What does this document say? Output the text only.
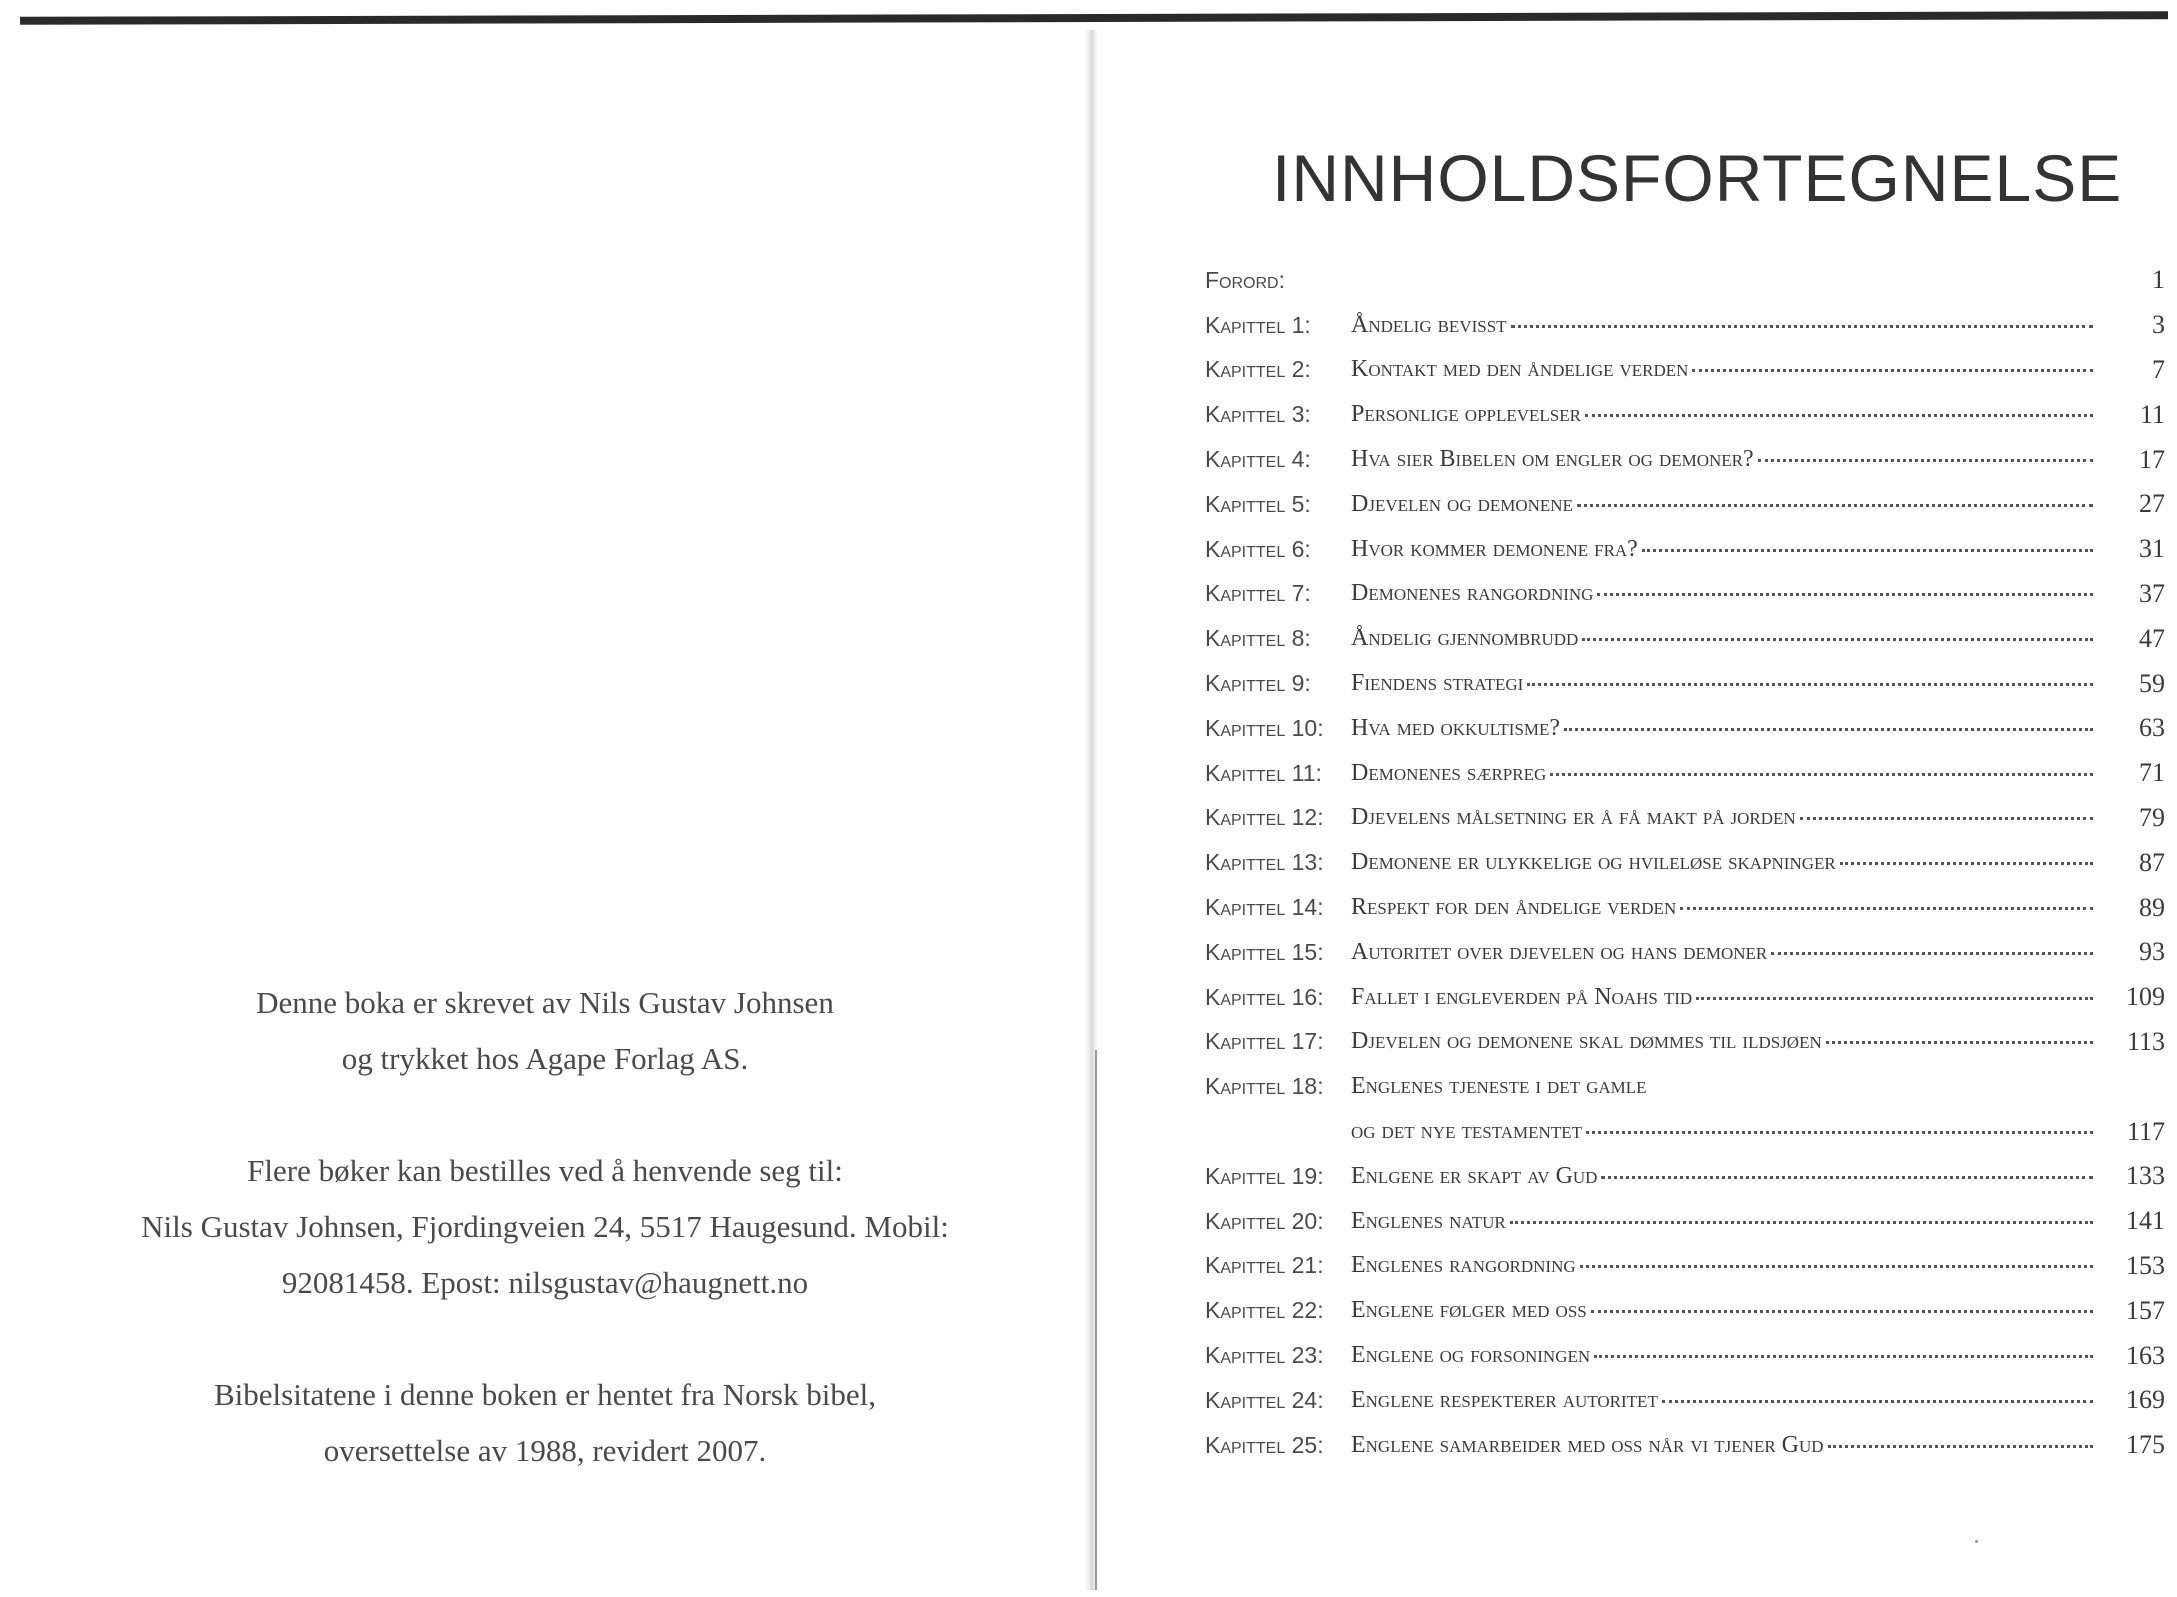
Denne boka er skrevet av Nils Gustav Johnsen
og trykket hos Agape Forlag AS.
Flere bøker kan bestilles ved å henvende seg til:
Nils Gustav Johnsen, Fjordingveien 24, 5517 Haugesund. Mobil:
92081458. Epost: nilsgustav@haugnett.no
Bibelsitatene i denne boken er hentet fra Norsk bibel,
oversettelse av 1988, revidert 2007.
INNHOLDSFORTEGNELSE
Forord:	1
Kapittel 1:	Åndelig bevisst	3
Kapittel 2:	Kontakt med den åndelige verden	7
Kapittel 3:	Personlige opplevelser	11
Kapittel 4:	Hva sier Bibelen om engler og demoner?	17
Kapittel 5:	Djevelen og demonene	27
Kapittel 6:	Hvor kommer demonene fra?	31
Kapittel 7:	Demonenes rangordning	37
Kapittel 8:	Åndelig gjennombrudd	47
Kapittel 9:	Fiendens strategi	59
Kapittel 10:	Hva med okkultisme?	63
Kapittel 11:	Demonenes særpreg	71
Kapittel 12:	Djevelens målsetning er å få makt på jorden	79
Kapittel 13:	Demonene er ulykkelige og hvileløse skapninger	87
Kapittel 14:	Respekt for den åndelige verden	89
Kapittel 15:	Autoritet over djevelen og hans demoner	93
Kapittel 16:	Fallet i engleverden på Noahs tid	109
Kapittel 17:	Djevelen og demonene skal dømmes til ildsjøen	113
Kapittel 18:	Englenes tjeneste i det gamle
og det nye testamentet	117
Kapittel 19:	Enlgene er skapt av Gud	133
Kapittel 20:	Englenes natur	141
Kapittel 21:	Englenes rangordning	153
Kapittel 22:	Englene følger med oss	157
Kapittel 23:	Englene og forsoningen	163
Kapittel 24:	Englene respekterer autoritet	169
Kapittel 25:	Englene samarbeider med oss når vi tjener Gud	175
